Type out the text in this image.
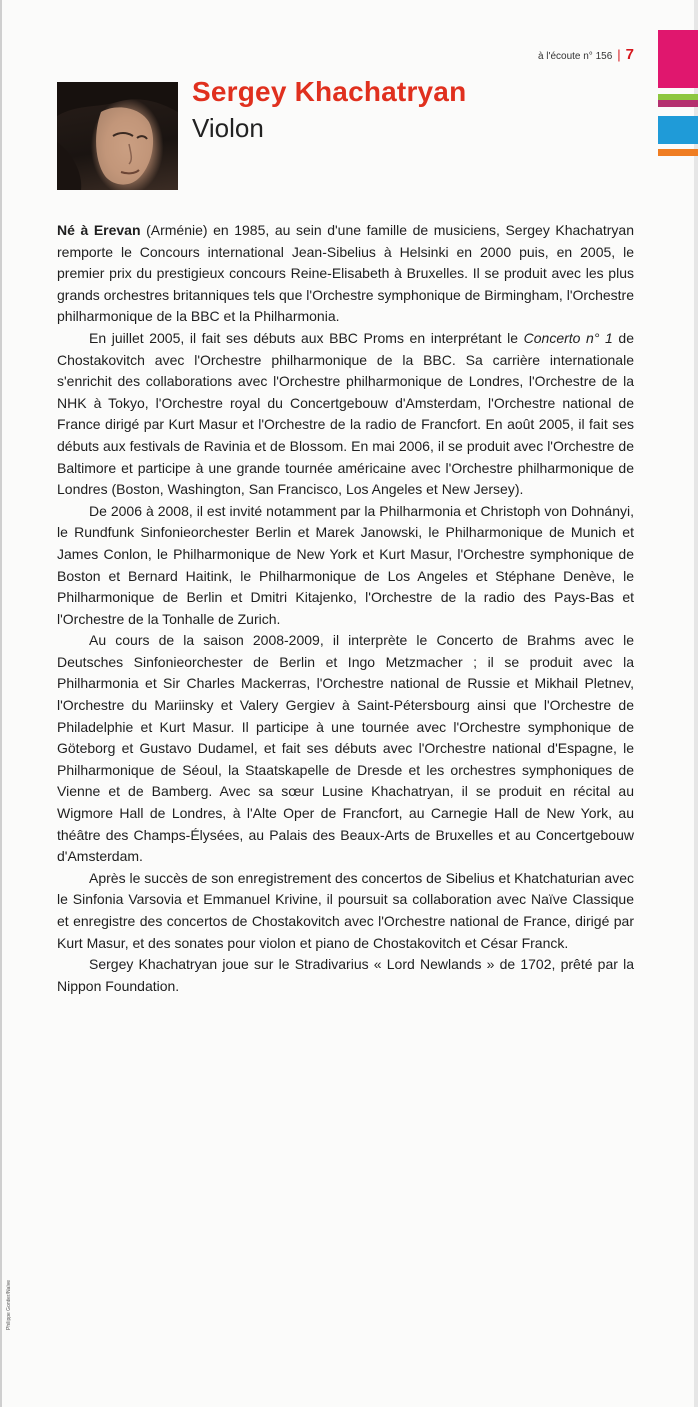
à l'écoute n° 156 | 7
Sergey Khachatryan
Violon

Né à Erevan (Arménie) en 1985, au sein d'une famille de musiciens, Sergey Khachatryan remporte le Concours international Jean-Sibelius à Helsinki en 2000 puis, en 2005, le premier prix du prestigieux concours Reine-Elisabeth à Bruxelles. Il se produit avec les plus grands orchestres britanniques tels que l'Orchestre symphonique de Birmingham, l'Orchestre philharmonique de la BBC et la Philharmonia.

En juillet 2005, il fait ses débuts aux BBC Proms en interprétant le Concerto n° 1 de Chostakovitch avec l'Orchestre philharmonique de la BBC. Sa carrière internationale s'enrichit des collaborations avec l'Orchestre philharmonique de Londres, l'Orchestre de la NHK à Tokyo, l'Orchestre royal du Concertgebouw d'Amsterdam, l'Orchestre national de France dirigé par Kurt Masur et l'Orchestre de la radio de Francfort. En août 2005, il fait ses débuts aux festivals de Ravinia et de Blossom. En mai 2006, il se produit avec l'Orchestre de Baltimore et participe à une grande tournée américaine avec l'Orchestre philharmonique de Londres (Boston, Washington, San Francisco, Los Angeles et New Jersey).

De 2006 à 2008, il est invité notamment par la Philharmonia et Christoph von Dohnányi, le Rundfunk Sinfonieorchester Berlin et Marek Janowski, le Philharmonique de Munich et James Conlon, le Philharmonique de New York et Kurt Masur, l'Orchestre symphonique de Boston et Bernard Haitink, le Philharmonique de Los Angeles et Stéphane Denève, le Philharmonique de Berlin et Dmitri Kitajenko, l'Orchestre de la radio des Pays-Bas et l'Orchestre de la Tonhalle de Zurich.

Au cours de la saison 2008-2009, il interprète le Concerto de Brahms avec le Deutsches Sinfonieorchester de Berlin et Ingo Metzmacher ; il se produit avec la Philharmonia et Sir Charles Mackerras, l'Orchestre national de Russie et Mikhail Pletnev, l'Orchestre du Mariinsky et Valery Gergiev à Saint-Pétersbourg ainsi que l'Orchestre de Philadelphie et Kurt Masur. Il participe à une tournée avec l'Orchestre symphonique de Göteborg et Gustavo Dudamel, et fait ses débuts avec l'Orchestre national d'Espagne, le Philharmonique de Séoul, la Staatskapelle de Dresde et les orchestres symphoniques de Vienne et de Bamberg. Avec sa sœur Lusine Khachatryan, il se produit en récital au Wigmore Hall de Londres, à l'Alte Oper de Francfort, au Carnegie Hall de New York, au théâtre des Champs-Élysées, au Palais des Beaux-Arts de Bruxelles et au Concertgebouw d'Amsterdam.

Après le succès de son enregistrement des concertos de Sibelius et Khatchaturian avec le Sinfonia Varsovia et Emmanuel Krivine, il poursuit sa collaboration avec Naïve Classique et enregistre des concertos de Chostakovitch avec l'Orchestre national de France, dirigé par Kurt Masur, et des sonates pour violon et piano de Chostakovitch et César Franck.

Sergey Khachatryan joue sur le Stradivarius « Lord Newlands » de 1702, prêté par la Nippon Foundation.

Philippe Gontier/Naïve
